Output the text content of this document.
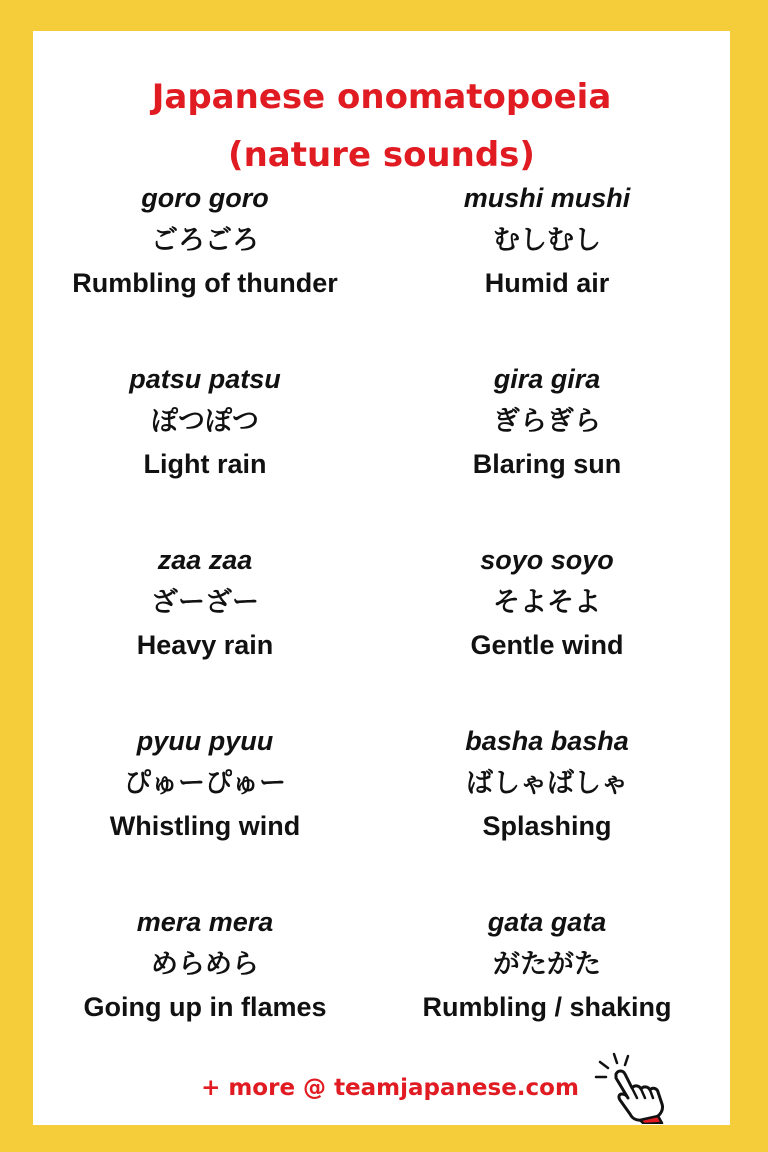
Japanese onomatopoeia
(nature sounds)
goro goro
ごろごろ
Rumbling of thunder
mushi mushi
むしむし
Humid air
patsu patsu
ぽつぽつ
Light rain
gira gira
ぎらぎら
Blaring sun
zaa zaa
ざーざー
Heavy rain
soyo soyo
そよそよ
Gentle wind
pyuu pyuu
ぴゅーぴゅー
Whistling wind
basha basha
ばしゃばしゃ
Splashing
mera mera
めらめら
Going up in flames
gata gata
がたがた
Rumbling / shaking
+ more @ teamjapanese.com
